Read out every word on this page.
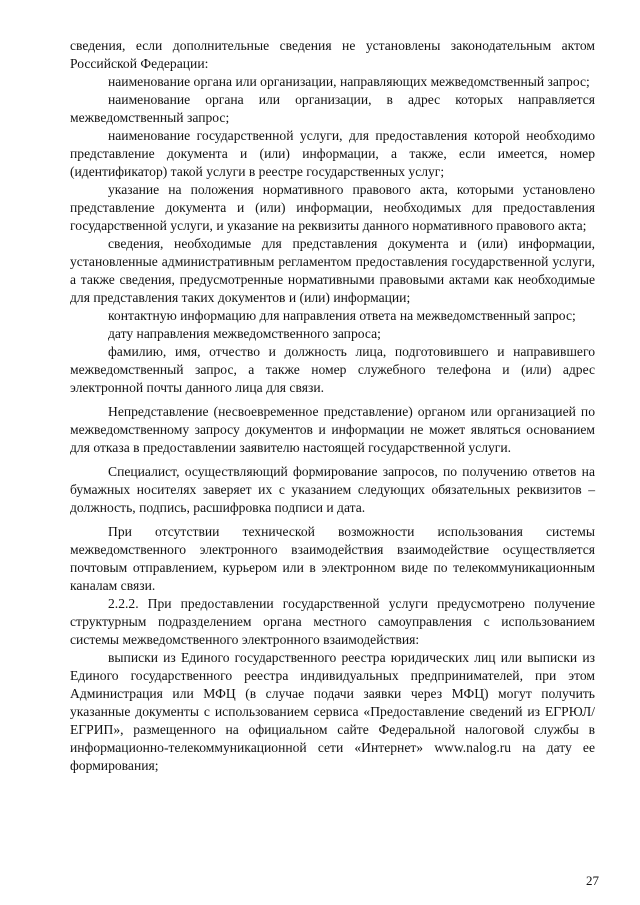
сведения, если дополнительные сведения не установлены законодательным актом Российской Федерации:

наименование органа или организации, направляющих межведомственный запрос;

наименование органа или организации, в адрес которых направляется межведомственный запрос;

наименование государственной услуги, для предоставления которой необходимо представление документа и (или) информации, а также, если имеется, номер (идентификатор) такой услуги в реестре государственных услуг;

указание на положения нормативного правового акта, которыми установлено представление документа и (или) информации, необходимых для предоставления государственной услуги, и указание на реквизиты данного нормативного правового акта;

сведения, необходимые для представления документа и (или) информации, установленные административным регламентом предоставления государственной услуги, а также сведения, предусмотренные нормативными правовыми актами как необходимые для представления таких документов и (или) информации;

контактную информацию для направления ответа на межведомственный запрос;

дату направления межведомственного запроса;

фамилию, имя, отчество и должность лица, подготовившего и направившего межведомственный запрос, а также номер служебного телефона и (или) адрес электронной почты данного лица для связи.

Непредставление (несвоевременное представление) органом или организацией по межведомственному запросу документов и информации не может являться основанием для отказа в предоставлении заявителю настоящей государственной услуги.

Специалист, осуществляющий формирование запросов, по получению ответов на бумажных носителях заверяет их с указанием следующих обязательных реквизитов – должность, подпись, расшифровка подписи и дата.

При отсутствии технической возможности использования системы межведомственного электронного взаимодействия взаимодействие осуществляется почтовым отправлением, курьером или в электронном виде по телекоммуникационным каналам связи.

2.2.2. При предоставлении государственной услуги предусмотрено получение структурным подразделением органа местного самоуправления с использованием системы межведомственного электронного взаимодействия:

выписки из Единого государственного реестра юридических лиц или выписки из Единого государственного реестра индивидуальных предпринимателей, при этом Администрация или МФЦ (в случае подачи заявки через МФЦ) могут получить указанные документы с использованием сервиса «Предоставление сведений из ЕГРЮЛ/ЕГРИП», размещенного на официальном сайте Федеральной налоговой службы в информационно-телекоммуникационной сети «Интернет» www.nalog.ru на дату ее формирования;

27
